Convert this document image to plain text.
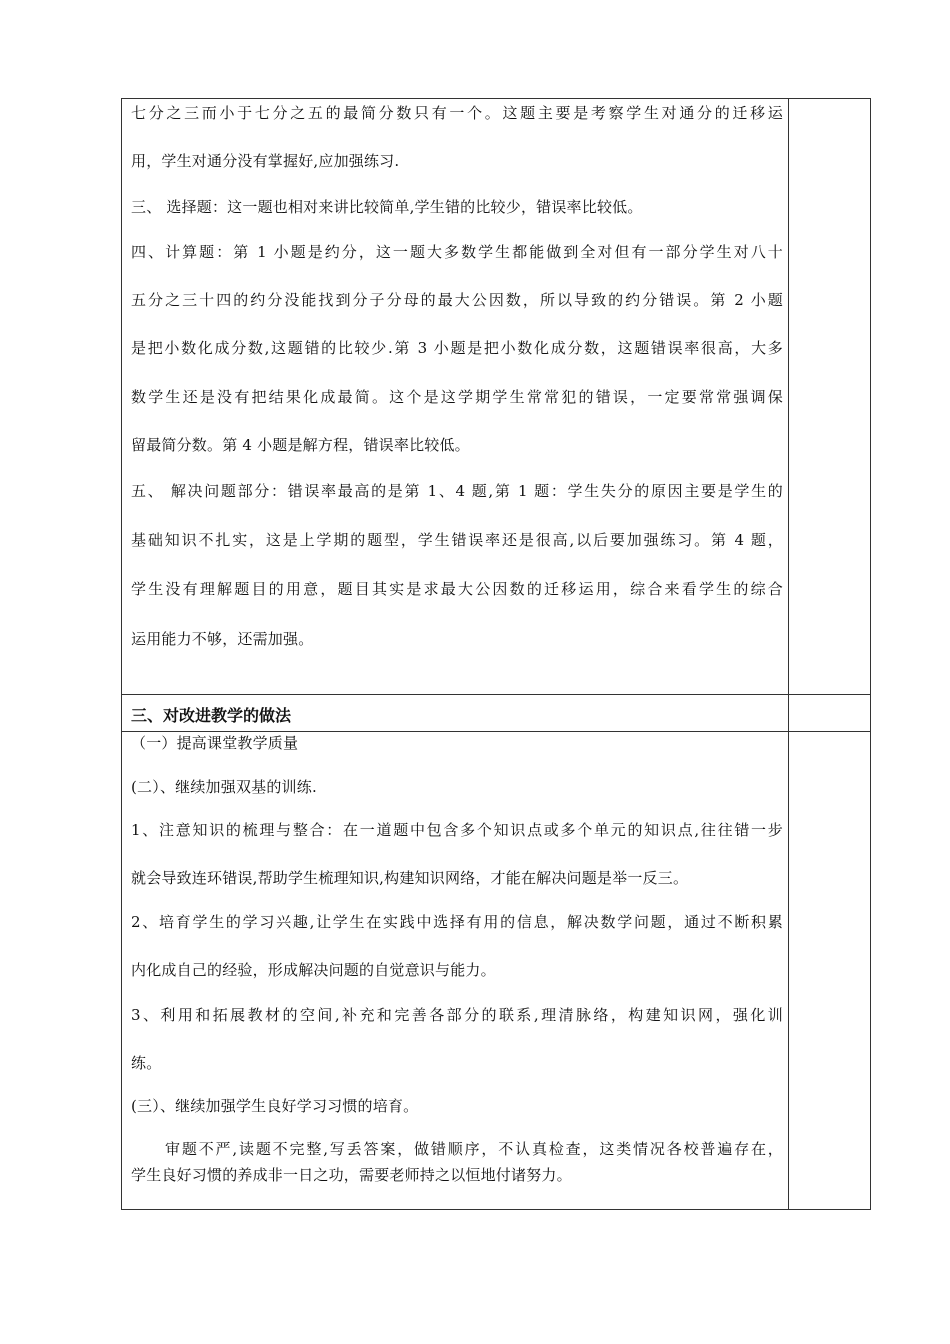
七分之三而小于七分之五的最简分数只有一个。这题主要是考察学生对通分的迁移运
用，学生对通分没有掌握好,应加强练习.
三、 选择题：这一题也相对来讲比较简单,学生错的比较少，错误率比较低。
四、计算题：第 1 小题是约分，这一题大多数学生都能做到全对但有一部分学生对八十
五分之三十四的约分没能找到分子分母的最大公因数，所以导致的约分错误。第 2 小题
是把小数化成分数,这题错的比较少.第 3 小题是把小数化成分数，这题错误率很高，大多
数学生还是没有把结果化成最简。这个是这学期学生常常犯的错误，一定要常常强调保
留最简分数。第 4 小题是解方程，错误率比较低。
五、 解决问题部分：错误率最高的是第 1、4 题,第 1 题：学生失分的原因主要是学生的
基础知识不扎实，这是上学期的题型，学生错误率还是很高,以后要加强练习。第 4 题，
学生没有理解题目的用意，题目其实是求最大公因数的迁移运用，综合来看学生的综合
运用能力不够，还需加强。
三、对改进教学的做法
（一）提高课堂教学质量
(二）、继续加强双基的训练.
1、注意知识的梳理与整合：在一道题中包含多个知识点或多个单元的知识点,往往错一步
就会导致连环错误,帮助学生梳理知识,构建知识网络，才能在解决问题是举一反三。
2、培育学生的学习兴趣,让学生在实践中选择有用的信息，解决数学问题，通过不断积累
内化成自己的经验，形成解决问题的自觉意识与能力。
3、利用和拓展教材的空间,补充和完善各部分的联系,理清脉络，构建知识网，强化训
练。
(三）、继续加强学生良好学习习惯的培育。
审题不严,读题不完整,写丢答案，做错顺序，不认真检查，这类情况各校普遍存在，
学生良好习惯的养成非一日之功，需要老师持之以恒地付诸努力。
